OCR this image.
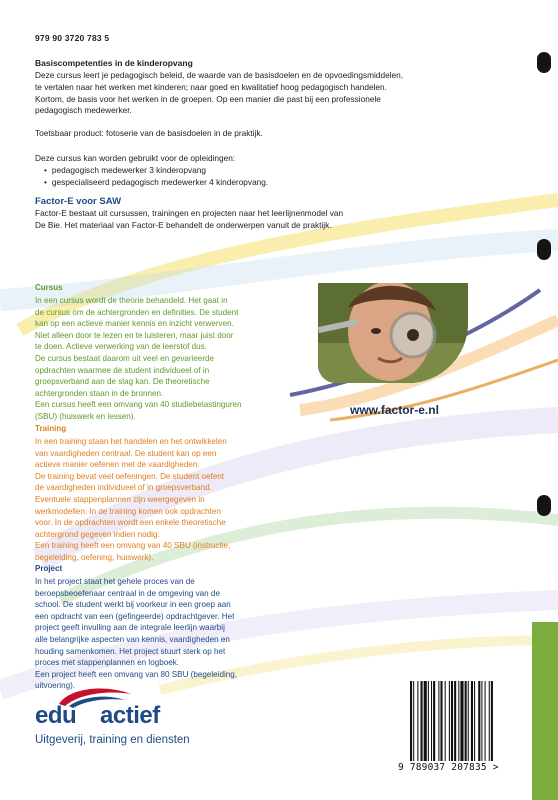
979 90 3720 783 5
Basiscompetenties in de kinderopvang
Deze cursus leert je pedagogisch beleid, de waarde van de basisdoelen en de opvoedingsmiddelen,
te vertalen naar het werken met kinderen; naar goed en kwalitatief hoog pedagogisch handelen.
Kortom, de basis voor het werken in de groepen. Op een manier die past bij een professionele
pedagogisch medewerker.
Toetsbaar product: fotoserie van de basisdoelen in de praktijk.
Deze cursus kan worden gebruikt voor de opleidingen:
• pedagogisch medewerker 3 kinderopvang
• gespecialiseerd pedagogisch medewerker 4 kinderopvang.
Factor-E voor SAW
Factor-E bestaat uit cursussen, trainingen en projecten naar het leerlijnenmodel van
De Bie. Het materiaal van Factor-E behandelt de onderwerpen vanuit de praktijk.
Cursus
In een cursus wordt de theorie behandeld. Het gaat in
de cursus om de achtergronden en definities. De student
kan op een actieve manier kennis en inzicht verwerven.
Niet alleen door te lezen en te luisteren, maar juist door
te doen. Actieve verwerking van de leerstof dus.
De cursus bestaat daarom uit veel en gevarieerde
opdrachten waarmee de student individueel of in
groepsverband aan de slag kan. De theoretische
achtergronden staan in de bronnen.
Een cursus heeft een omvang van 40 studiebelastinguren
(SBU) (huiswerk en lessen).
Training
In een training staan het handelen en het ontwikkelen
van vaardigheden centraal. De student kan op een
actieve manier oefenen met de vaardigheden.
De training bevat veel oefeningen. De student oefent
de vaardigheden individueel of in groepsverband.
Eventuele stappenplannen zijn weergegeven in
werkmodellen. In de training komen ook opdrachten
voor. In de opdrachten wordt een enkele theoretische
achtergrond gegeven indien nodig.
Een training heeft een omvang van 40 SBU (instructie,
begeleiding, oefening, huiswerk).
Project
In het project staat het gehele proces van de
beroepsbeoefenaar centraal in de omgeving van de
school. De student werkt bij voorkeur in een groep aan
een opdracht van een (gefingeerde) opdrachtgever. Het
project geeft invulling aan de integrale leerlijn waarbij
alle belangrijke aspecten van kennis, vaardigheden en
houding samenkomen. Het project stuurt sterk op het
proces met stappenplannen en logboek.
Een project heeft een omvang van 80 SBU (begeleiding,
uitvoering).
www.factor-e.nl
edu actief
Uitgeverij, training en diensten
9 789037 207835 >
